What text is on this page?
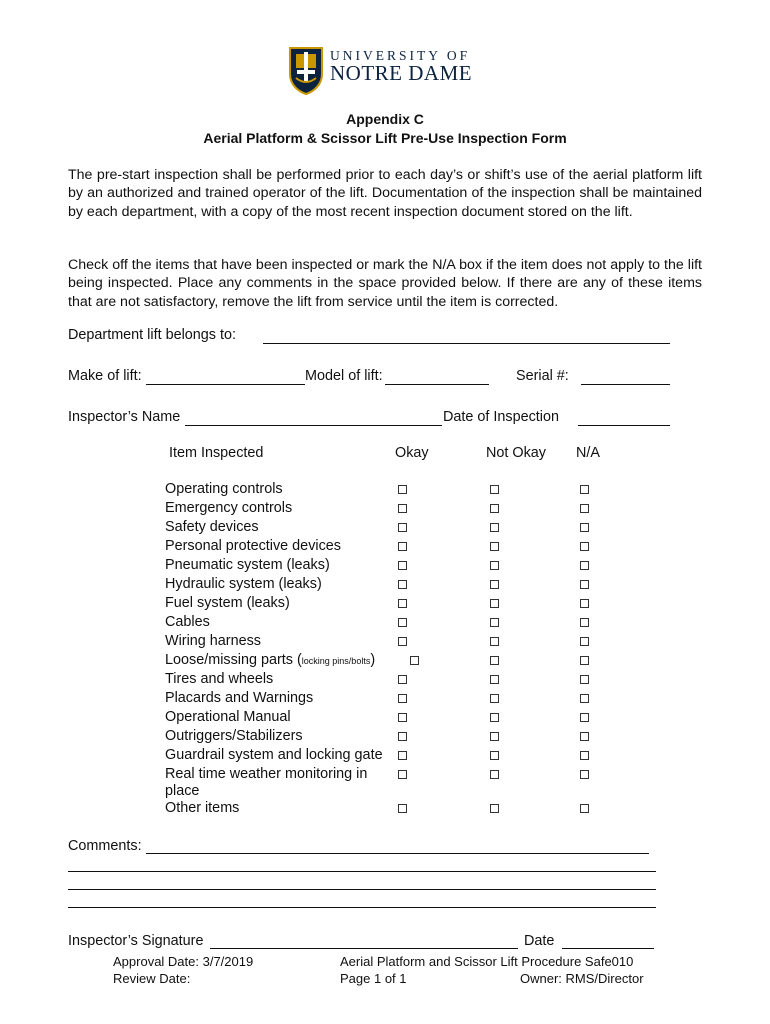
UNIVERSITY OF
NOTRE DAME
Appendix C
Aerial Platform & Scissor Lift Pre-Use Inspection Form
The pre-start inspection shall be performed prior to each day’s or shift’s use of the aerial platform lift by an authorized and trained operator of the lift. Documentation of the inspection shall be maintained by each department, with a copy of the most recent inspection document stored on the lift.
Check off the items that have been inspected or mark the N/A box if the item does not apply to the lift being inspected. Place any comments in the space provided below. If there are any of these items that are not satisfactory, remove the lift from service until the item is corrected.
Department lift belongs to:
Make of lift:	Model of lift:	Serial #:
Inspector’s Name	Date of Inspection
Item Inspected	Okay	Not Okay N/A
Operating controls
Emergency controls
Safety devices
Personal protective devices
Pneumatic system (leaks)
Hydraulic system (leaks)
Fuel system (leaks)
Cables
Wiring harness
Loose/missing parts (locking pins/bolts)
Tires and wheels
Placards and Warnings
Operational Manual
Outriggers/Stabilizers
Guardrail system and locking gate
Real time weather monitoring in
place
Other items
Comments:
Inspector’s Signature	Date
Approval Date: 3/7/2019
Review Date:
Aerial Platform and Scissor Lift Procedure Safe010
Page 1 of 1	Owner: RMS/Director
